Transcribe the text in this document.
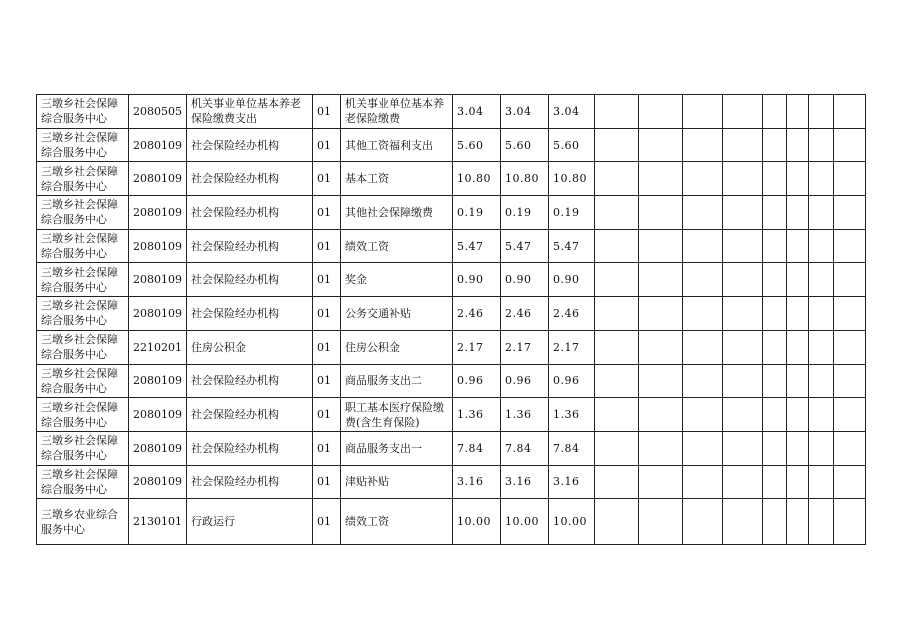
三墩乡社会保障综合服务中心	2080505	机关事业单位基本养老保险缴费支出	01	机关事业单位基本养老保险缴费	3.04	3.04	3.04								
三墩乡社会保障综合服务中心	2080109	社会保险经办机构	01	其他工资福利支出	5.60	5.60	5.60								
三墩乡社会保障综合服务中心	2080109	社会保险经办机构	01	基本工资	10.80	10.80	10.80								
三墩乡社会保障综合服务中心	2080109	社会保险经办机构	01	其他社会保障缴费	0.19	0.19	0.19								
三墩乡社会保障综合服务中心	2080109	社会保险经办机构	01	绩效工资	5.47	5.47	5.47								
三墩乡社会保障综合服务中心	2080109	社会保险经办机构	01	奖金	0.90	0.90	0.90								
三墩乡社会保障综合服务中心	2080109	社会保险经办机构	01	公务交通补贴	2.46	2.46	2.46								
三墩乡社会保障综合服务中心	2210201	住房公积金	01	住房公积金	2.17	2.17	2.17								
三墩乡社会保障综合服务中心	2080109	社会保险经办机构	01	商品服务支出二	0.96	0.96	0.96								
三墩乡社会保障综合服务中心	2080109	社会保险经办机构	01	职工基本医疗保险缴费(含生育保险)	1.36	1.36	1.36								
三墩乡社会保障综合服务中心	2080109	社会保险经办机构	01	商品服务支出一	7.84	7.84	7.84								
三墩乡社会保障综合服务中心	2080109	社会保险经办机构	01	津贴补贴	3.16	3.16	3.16								
三墩乡农业综合服务中心	2130101	行政运行	01	绩效工资	10.00	10.00	10.00								
